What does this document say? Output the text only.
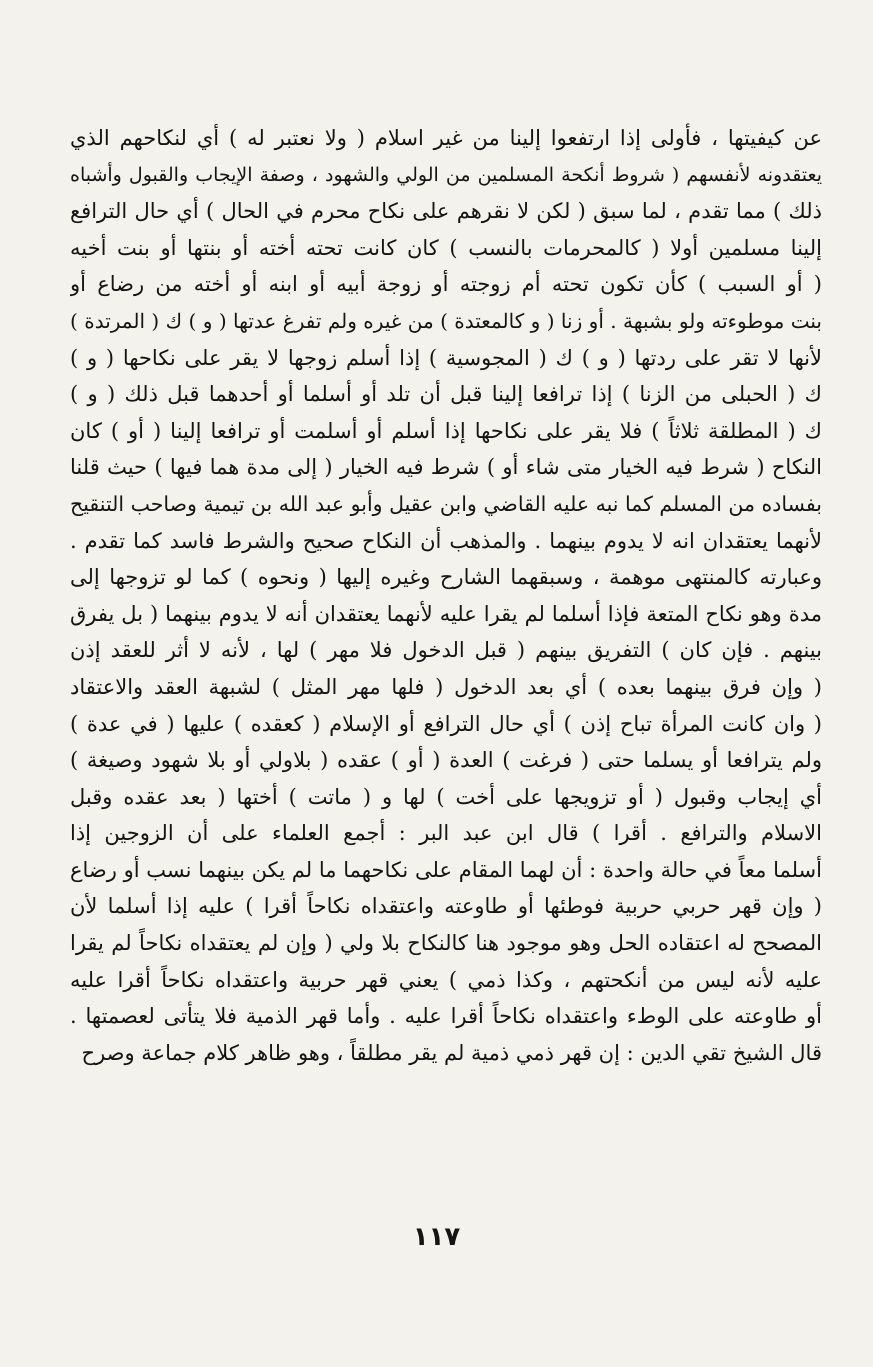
عن كيفيتها ، فأولى إذا ارتفعوا إلينا من غير اسلام ( ولا نعتبر له ) أي لنكاحهم الذي
يعتقدونه لأنفسهم ( شروط أنكحة المسلمين من الولي والشهود ، وصفة الإيجاب والقبول وأشباه
ذلك ) مما تقدم ، لما سبق ( لكن لا نقرهم على نكاح محرم في الحال ) أي حال الترافع
إلينا مسلمين أولا ( كالمحرمات بالنسب ) كان كانت تحته أخته أو بنتها أو بنت أخيه
( أو السبب ) كأن تكون تحته أم زوجته أو زوجة أبيه أو ابنه أو أخته من رضاع أو
بنت موطوءته ولو بشبهة . أو زنا ( و كالمعتدة ) من غيره ولم تفرغ عدتها ( و ) ك ( المرتدة )
لأنها لا تقر على ردتها ( و ) ك ( المجوسية ) إذا أسلم زوجها لا يقر على نكاحها ( و )
ك ( الحبلى من الزنا ) إذا ترافعا إلينا قبل أن تلد أو أسلما أو أحدهما قبل ذلك ( و )
ك ( المطلقة ثلاثاً ) فلا يقر على نكاحها إذا أسلم أو أسلمت أو ترافعا إلينا ( أو ) كان
النكاح ( شرط فيه الخيار متى شاء أو ) شرط فيه الخيار ( إلى مدة هما فيها ) حيث قلنا
بفساده من المسلم كما نبه عليه القاضي وابن عقيل وأبو عبد الله بن تيمية وصاحب التنقيح
لأنهما يعتقدان انه لا يدوم بينهما . والمذهب أن النكاح صحيح والشرط فاسد كما تقدم .
وعبارته كالمنتهى موهمة ، وسبقهما الشارح وغيره إليها ( ونحوه ) كما لو تزوجها إلى
مدة وهو نكاح المتعة فإذا أسلما لم يقرا عليه لأنهما يعتقدان أنه لا يدوم بينهما ( بل يفرق
بينهم . فإن كان ) التفريق بينهم ( قبل الدخول فلا مهر ) لها ، لأنه لا أثر للعقد إذن
( وإن فرق بينهما بعده ) أي بعد الدخول ( فلها مهر المثل ) لشبهة العقد والاعتقاد
( وان كانت المرأة تباح إذن ) أي حال الترافع أو الإسلام ( كعقده ) عليها ( في عدة )
ولم يترافعا أو يسلما حتى ( فرغت ) العدة ( أو ) عقده ( بلاولي أو بلا شهود وصيغة )
أي إيجاب وقبول ( أو تزويجها على أخت ) لها و ( ماتت ) أختها ( بعد عقده وقبل
الاسلام والترافع . أقرا ) قال ابن عبد البر : أجمع العلماء على أن الزوجين إذا
أسلما معاً في حالة واحدة : أن لهما المقام على نكاحهما ما لم يكن بينهما نسب أو رضاع
( وإن قهر حربي حربية فوطئها أو طاوعته واعتقداه نكاحاً أقرا ) عليه إذا أسلما لأن
المصحح له اعتقاده الحل وهو موجود هنا كالنكاح بلا ولي ( وإن لم يعتقداه نكاحاً لم يقرا
عليه لأنه ليس من أنكحتهم ، وكذا ذمي ) يعني قهر حربية واعتقداه نكاحاً أقرا عليه
أو طاوعته على الوطء واعتقداه نكاحاً أقرا عليه . وأما قهر الذمية فلا يتأتى لعصمتها .
قال الشيخ تقي الدين : إن قهر ذمي ذمية لم يقر مطلقاً ، وهو ظاهر كلام جماعة وصرح
١١٧
